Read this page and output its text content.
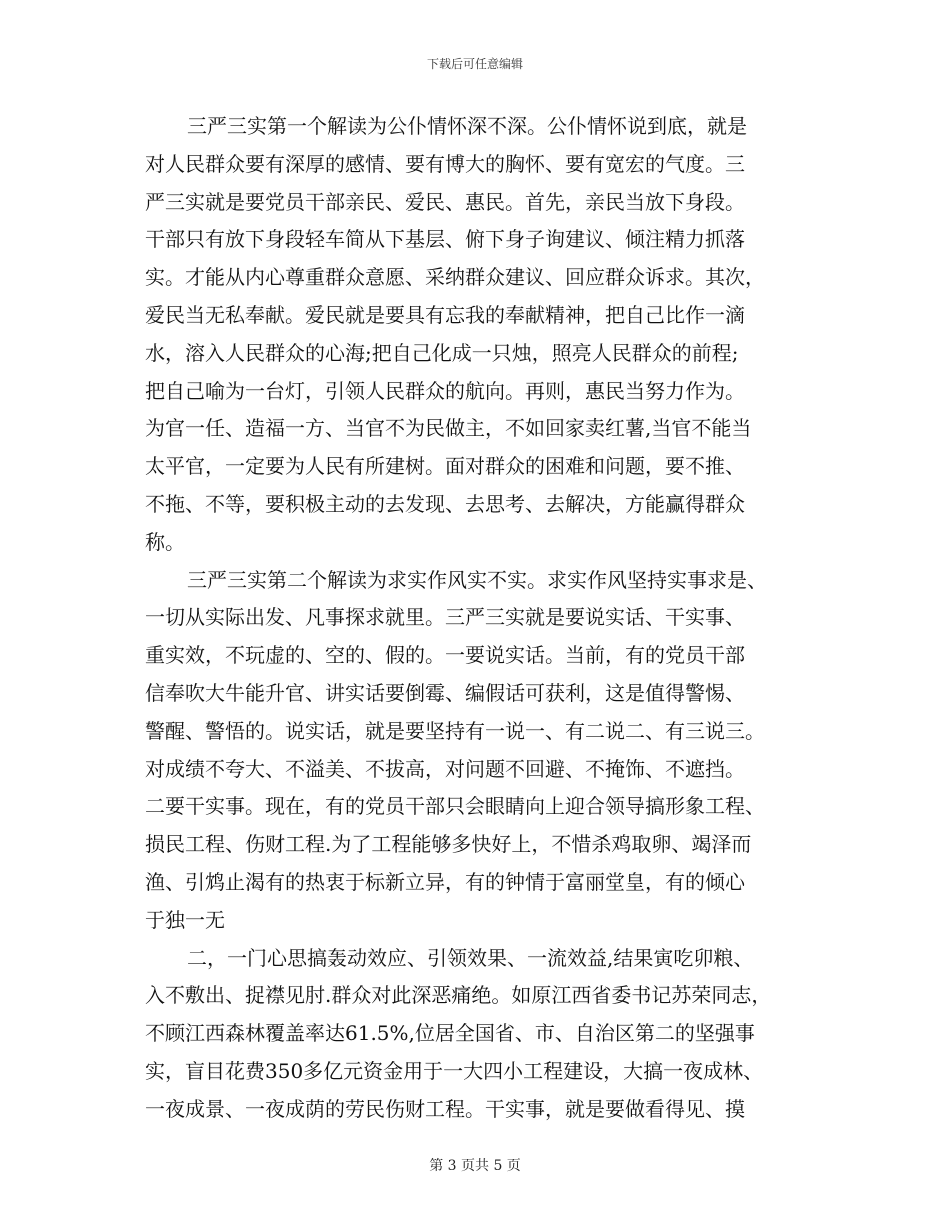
下载后可任意编辑
三严三实第一个解读为公仆情怀深不深。公仆情怀说到底，就是
对人民群众要有深厚的感情、要有博大的胸怀、要有宽宏的气度。三
严三实就是要党员干部亲民、爱民、惠民。首先，亲民当放下身段。
干部只有放下身段轻车简从下基层、俯下身子询建议、倾注精力抓落
实。才能从内心尊重群众意愿、采纳群众建议、回应群众诉求。其次，
爱民当无私奉献。爱民就是要具有忘我的奉献精神，把自己比作一滴
水，溶入人民群众的心海;把自己化成一只烛，照亮人民群众的前程;
把自己喻为一台灯，引领人民群众的航向。再则，惠民当努力作为。
为官一任、造福一方、当官不为民做主，不如回家卖红薯,当官不能当
太平官，一定要为人民有所建树。面对群众的困难和问题，要不推、
不拖、不等，要积极主动的去发现、去思考、去解决，方能赢得群众
称。
三严三实第二个解读为求实作风实不实。求实作风坚持实事求是、
一切从实际出发、凡事探求就里。三严三实就是要说实话、干实事、
重实效，不玩虚的、空的、假的。一要说实话。当前，有的党员干部
信奉吹大牛能升官、讲实话要倒霉、编假话可获利，这是值得警惕、
警醒、警悟的。说实话，就是要坚持有一说一、有二说二、有三说三。
对成绩不夸大、不溢美、不拔高，对问题不回避、不掩饰、不遮挡。
二要干实事。现在，有的党员干部只会眼睛向上迎合领导搞形象工程、
损民工程、伤财工程.为了工程能够多快好上，不惜杀鸡取卵、竭泽而
渔、引鸩止渴有的热衷于标新立异，有的钟情于富丽堂皇，有的倾心
于独一无
二，一门心思搞轰动效应、引领效果、一流效益,结果寅吃卯粮、
入不敷出、捉襟见肘.群众对此深恶痛绝。如原江西省委书记苏荣同志，
不顾江西森林覆盖率达61.5%,位居全国省、市、自治区第二的坚强事
实，盲目花费350多亿元资金用于一大四小工程建设，大搞一夜成林、
一夜成景、一夜成荫的劳民伤财工程。干实事，就是要做看得见、摸
第 3 页共 5 页
